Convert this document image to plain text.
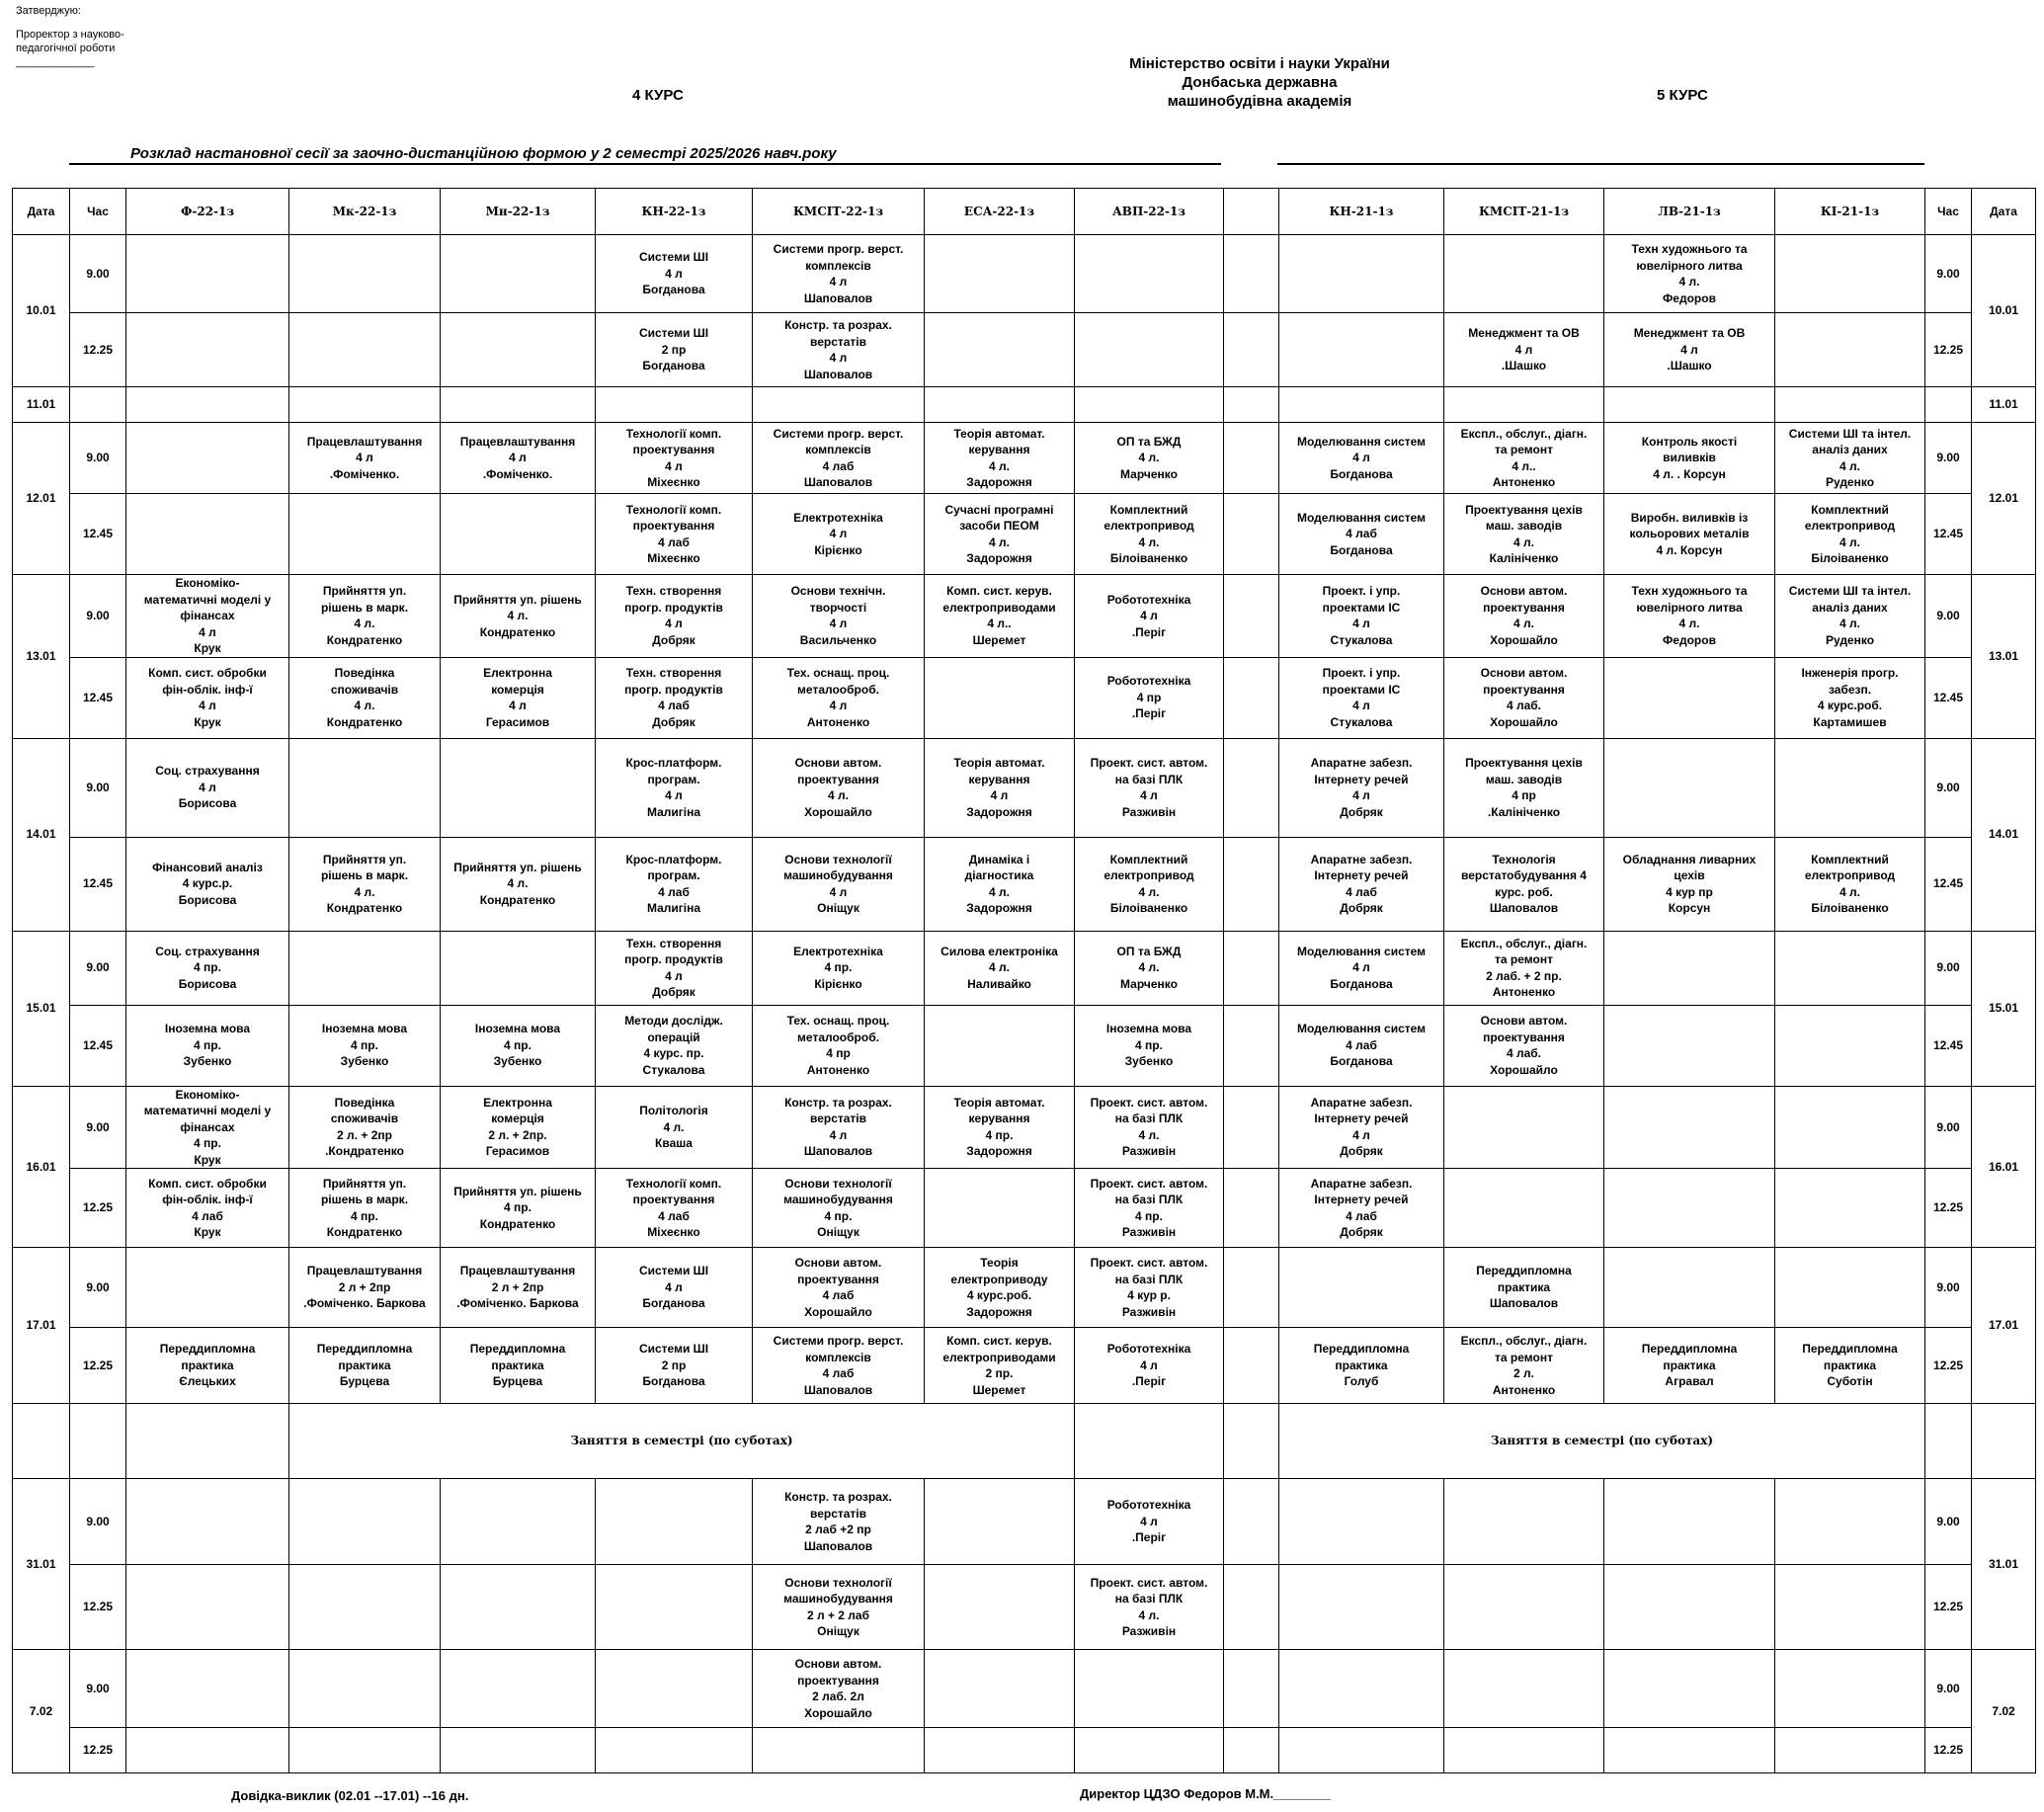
Затверджую:
Проректор з науково-
педагогічної роботи
_____________	Міністерство освіти і науки України
Донбаська державна
машинобудівна академія
4 КУРС	5 КУРС
Розклад настановної сесії за заочно-дистанційною формою у 2 семестрі 2025/2026 навч.року
Дата	Час	Ф-22-1з	Мк-22-1з	Мн-22-1з	КН-22-1з	КМСІТ-22-1з	ЕСА-22-1з	АВП-22-1з		КН-21-1з	КМСІТ-21-1з	ЛВ-21-1з	КІ-21-1з	Час	Дата
10.01	9.00				Системи ШІ
4 л
Богданова	Системи прогр. верст.
комплексів
4 л
Шаповалов						Техн художнього та
ювелірного литва
4 л.
Федоров		9.00	10.01
	12.25				Системи ШІ
2 пр
Богданова	Констр. та розрах.
верстатів
4 л
Шаповалов					Менеджмент та ОВ
4 л
.Шашко	Менеджмент та ОВ
4 л
.Шашко		12.25	
11.01															11.01
12.01	9.00		Працевлаштування
4 л
.Фоміченко.	Працевлаштування
4 л
.Фоміченко.	Технології комп.
проектування
4 л
Міхеєнко	Системи прогр. верст.
комплексів
4 лаб
Шаповалов	Теорія автомат.
керування
4 л.
Задорожня	ОП та БЖД
4 л.
Марченко		Моделювання систем
4 л
Богданова	Експл., обслуг., діагн.
та ремонт
4 л..
Антоненко	Контроль якості
виливків
4 л. . Корсун	Системи ШІ та інтел.
аналіз даних
4 л.
Руденко	9.00	12.01
	12.45				Технології комп.
проектування
4 лаб
Міхеєнко	Електротехніка
4 л
Кірієнко	Сучасні програмні
засоби ПЕОМ
4 л.
Задорожня	Комплектний
електропривод
4 л.
Білоіваненко		Моделювання систем
4 лаб
Богданова	Проектування цехів
маш. заводів
4 л.
Калініченко	Виробн. виливків із
кольорових металів
4 л. Корсун	Комплектний
електропривод
4 л.
Білоіваненко	12.45	
13.01	9.00	Економіко-
математичні моделі у
фінансах
4 л
Крук	Прийняття уп.
рішень в марк.
4 л.
Кондратенко	Прийняття уп. рішень
4 л.
Кондратенко	Техн. створення
прогр. продуктів
4 л
Добряк	Основи технічн.
творчості
4 л
Васильченко	Комп. сист. керув.
електроприводами
4 л..
Шеремет	Робототехніка
4 л
.Періг		Проект. і упр.
проектами ІС
4 л
Стукалова	Основи автом.
проектування
4 л.
Хорошайло	Техн художнього та
ювелірного литва
4 л.
Федоров	Системи ШІ та інтел.
аналіз даних
4 л.
Руденко	9.00	13.01
	12.45	Комп. сист. обробки
фін-облік. інф-ї
4 л
Крук	Поведінка
споживачів
4 л.
Кондратенко	Електронна
комерція
4 л
Герасимов	Техн. створення
прогр. продуктів
4 лаб
Добряк	Тех. оснащ. проц.
металооброб.
4 л
Антоненко		Робототехніка
4 пр
.Періг		Проект. і упр.
проектами ІС
4 л
Стукалова	Основи автом.
проектування
4 лаб.
Хорошайло		Інженерія прогр.
забезп.
4 курс.роб.
Картамишев	12.45	
14.01	9.00	Соц. страхування
4 л
Борисова			Крос-платформ.
програм.
4 л
Малигіна	Основи автом.
проектування
4 л.
Хорошайло	Теорія автомат.
керування
4 л
Задорожня	Проект. сист. автом.
на базі ПЛК
4 л
Разживін		Апаратне забезп.
Інтернету речей
4 л
Добряк	Проектування цехів
маш. заводів
4 пр
.Калініченко			9.00	14.01
	12.45	Фінансовий аналіз
4 курс.р.
Борисова	Прийняття уп.
рішень в марк.
4 л.
Кондратенко	Прийняття уп. рішень
4 л.
Кондратенко	Крос-платформ.
програм.
4 лаб
Малигіна	Основи технології
машинобудування
4 л
Оніщук	Динаміка і
діагностика
4 л.
Задорожня	Комплектний
електропривод
4 л.
Білоіваненко		Апаратне забезп.
Інтернету речей
4 лаб
Добряк	Технологія
верстатобудування 4
курс. роб.
Шаповалов	Обладнання ливарних
цехів
4 кур пр
Корсун	Комплектний
електропривод
4 л.
Білоіваненко	12.45	
15.01	9.00	Соц. страхування
4 пр.
Борисова			Техн. створення
прогр. продуктів
4 л
Добряк	Електротехніка
4 пр.
Кірієнко	Силова електроніка
4 л.
Наливайко	ОП та БЖД
4 л.
Марченко		Моделювання систем
4 л
Богданова	Експл., обслуг., діагн.
та ремонт
2 лаб. + 2 пр.
Антоненко			9.00	15.01
	12.45	Іноземна мова
4 пр.
Зубенко	Іноземна мова
4 пр.
Зубенко	Іноземна мова
4 пр.
Зубенко	Методи дослідж.
операцій
4 курс. пр.
Стукалова	Тех. оснащ. проц.
металооброб.
4 пр
Антоненко		Іноземна мова
4 пр.
Зубенко		Моделювання систем
4 лаб
Богданова	Основи автом.
проектування
4 лаб.
Хорошайло			12.45	
16.01	9.00	Економіко-
математичні моделі у
фінансах
4 пр.
Крук	Поведінка
споживачів
2 л. + 2пр
.Кондратенко	Електронна
комерція
2 л. + 2пр.
Герасимов	Політологія
4 л.
Кваша	Констр. та розрах.
верстатів
4 л
Шаповалов	Теорія автомат.
керування
4 пр.
Задорожня	Проект. сист. автом.
на базі ПЛК
4 л.
Разживін		Апаратне забезп.
Інтернету речей
4 л
Добряк				9.00	16.01
	12.25	Комп. сист. обробки
фін-облік. інф-ї
4 лаб
Крук	Прийняття уп.
рішень в марк.
4 пр.
Кондратенко	Прийняття уп. рішень
4 пр.
Кондратенко	Технології комп.
проектування
4 лаб
Міхеєнко	Основи технології
машинобудування
4 пр.
Оніщук		Проект. сист. автом.
на базі ПЛК
4 пр.
Разживін		Апаратне забезп.
Інтернету речей
4 лаб
Добряк				12.25	
17.01	9.00		Працевлаштування
2 л + 2пр
.Фоміченко. Баркова	Працевлаштування
2 л + 2пр
.Фоміченко. Баркова	Системи ШІ
4 л
Богданова	Основи автом.
проектування
4 лаб
Хорошайло	Теорія
електроприводу
4 курс.роб.
Задорожня	Проект. сист. автом.
на базі ПЛК
4 кур р.
Разживін			Переддипломна
практика
Шаповалов			9.00	17.01
	12.25	Переддипломна
практика
Єлецьких	Переддипломна
практика
Бурцева	Переддипломна
практика
Бурцева	Системи ШІ
2 пр
Богданова	Системи прогр. верст.
комплексів
4 лаб
Шаповалов	Комп. сист. керув.
електроприводами
2 пр.
Шеремет	Робототехніка
4 л
.Періг		Переддипломна
практика
Голуб	Експл., обслуг., діагн.
та ремонт
2 л.
Антоненко	Переддипломна
практика
Агравал	Переддипломна
практика
Суботін	12.25	
			Заняття в семестрі (по суботах)							Заняття в семестрі (по суботах)					
31.01	9.00					Констр. та розрах.
верстатів
2 лаб +2 пр
Шаповалов		Робототехніка
4 л
.Періг						9.00	31.01
	12.25					Основи технології
машинобудування
2 л + 2 лаб
Оніщук		Проект. сист. автом.
на базі ПЛК
4 л.
Разживін						12.25	
7.02	9.00					Основи автом.
проектування
2 лаб. 2л
Хорошайло								9.00	7.02
	12.25													12.25	
Довідка-виклик (02.01 --17.01) --16 дн.	Директор ЦДЗО Федоров М.М.________
